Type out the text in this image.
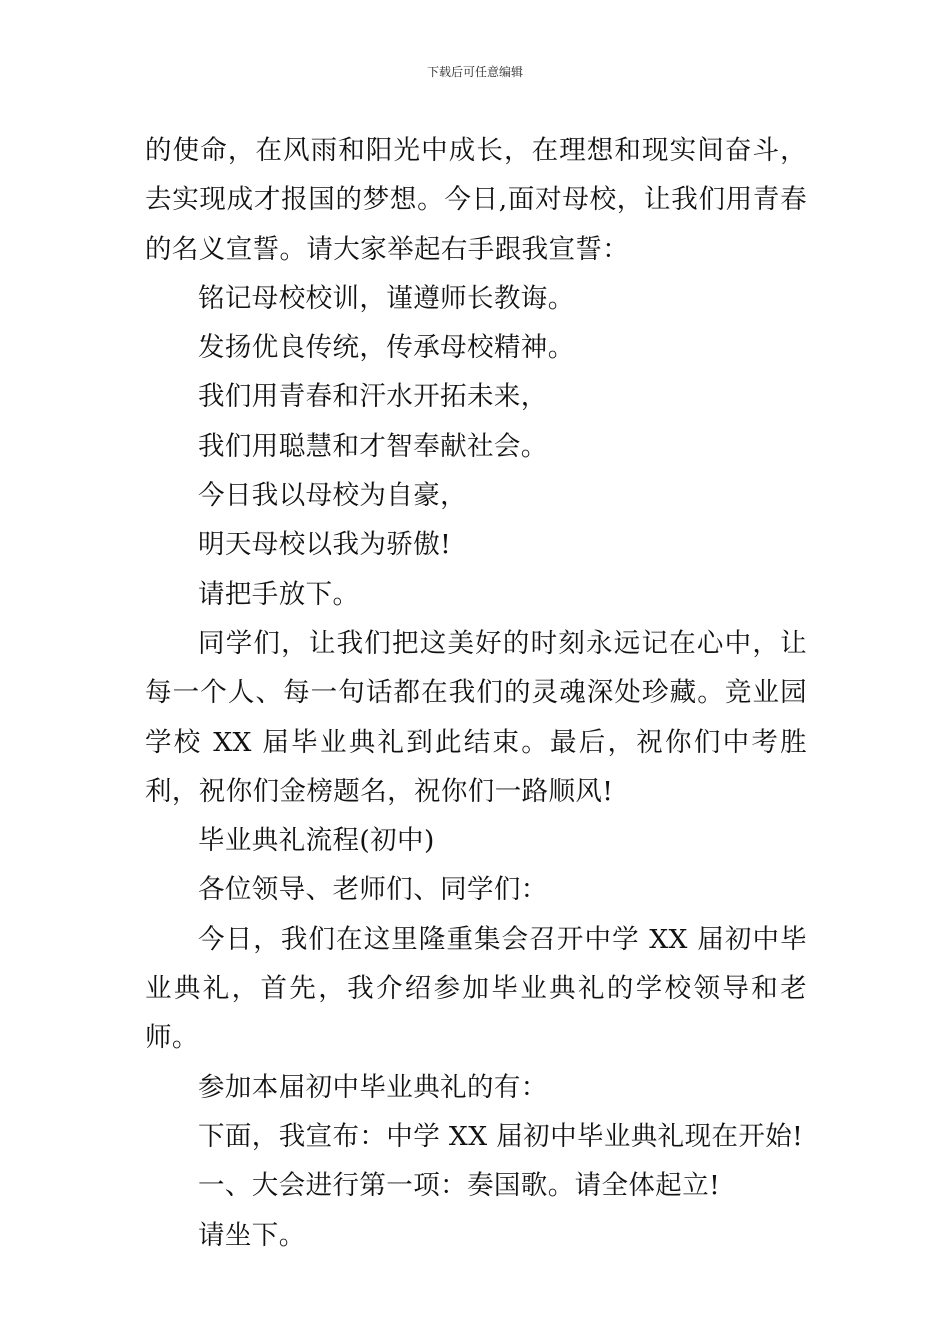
下载后可任意编辑

的使命，在风雨和阳光中成长，在理想和现实间奋斗，去实现成才报国的梦想。今日,面对母校，让我们用青春的名义宣誓。请大家举起右手跟我宣誓：

铭记母校校训，谨遵师长教诲。

发扬优良传统，传承母校精神。

我们用青春和汗水开拓未来，

我们用聪慧和才智奉献社会。

今日我以母校为自豪，

明天母校以我为骄傲!

请把手放下。

同学们，让我们把这美好的时刻永远记在心中，让每一个人、每一句话都在我们的灵魂深处珍藏。竞业园学校 XX 届毕业典礼到此结束。最后，祝你们中考胜利，祝你们金榜题名，祝你们一路顺风!

毕业典礼流程(初中)

各位领导、老师们、同学们：

今日，我们在这里隆重集会召开中学 XX 届初中毕业典礼，首先，我介绍参加毕业典礼的学校领导和老师。

参加本届初中毕业典礼的有：

下面，我宣布：中学 XX 届初中毕业典礼现在开始!

一、大会进行第一项：奏国歌。请全体起立!

请坐下。
